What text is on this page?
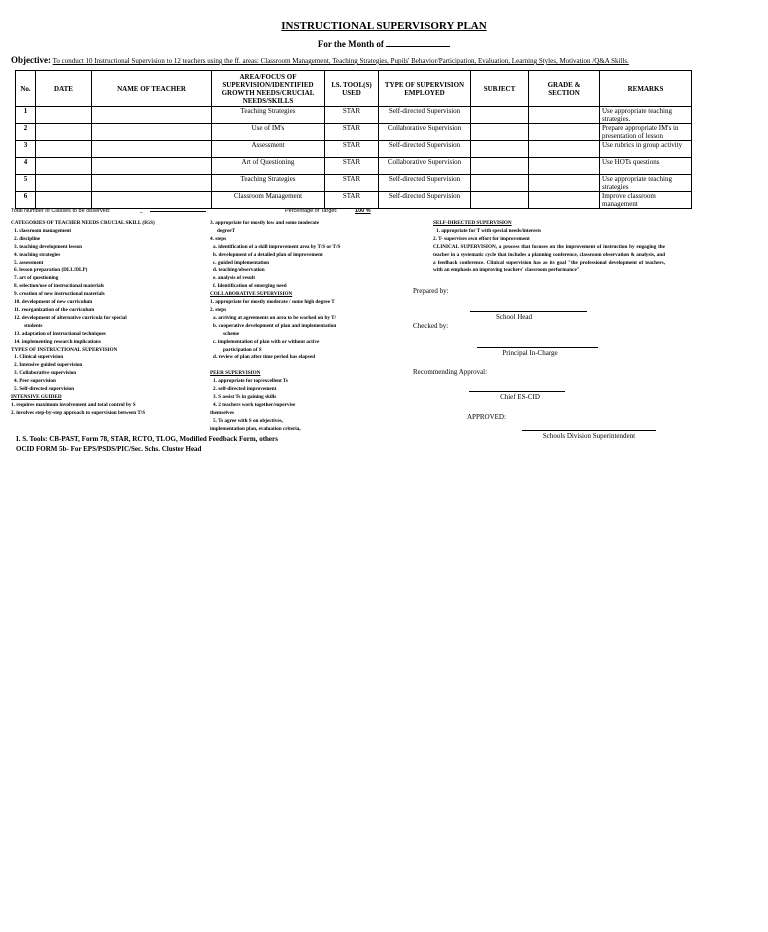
INSTRUCTIONAL SUPERVISORY PLAN
For the Month of
Objective: To conduct 10 Instructional Supervision to 12 teachers using the ff. areas: Classroom Management, Teaching Strategies, Pupils' Behavior/Participation, Evaluation, Learning Styles, Motivation /Q&A Skills.
No.	DATE	NAME OF TEACHER	AREA/FOCUS OF SUPERVISION/IDENTIFIED GROWTH NEEDS/CRUCIAL NEEDS/SKILLS	I.S. TOOL(S) USED	TYPE OF SUPERVISION EMPLOYED	SUBJECT	GRADE & SECTION	REMARKS
1			Teaching Strategies	STAR	Self-directed Supervision			Use appropriate teaching strategies.
2			Use of IM's	STAR	Collaborative Supervision			Prepare appropriate IM's in presentation of lesson
3			Assessment	STAR	Self-directed Supervision			Use rubrics in group activity
4			Art of Questioning	STAR	Collaborative Supervision			Use HOTs questions
5			Teaching Strategies	STAR	Self-directed Supervision			Use appropriate teaching strategies
6			Classroom Management	STAR	Self-directed Supervision			Improve classroom management
Total Number of Classes to be observed:	_	Percentage of Target:	100 %
CATEGORIES OF TEACHER NEEDS CRUCIAL SKILL (IGS)
1. classroom management
2. discipline
3. teaching development lesson
4. teaching strategies
5. assessment
6. lesson preparation (DLL/DLP)
7. art of questioning
8. selection/use of instructional materials
9. creation of new instructional materials
10. development of new curriculum
11. reorganization of the curriculum
12. development of alternative curricula for special
students
13. adaptation of instructional techniques
14. implementing research implications
TYPES OF INSTRUCTIONAL SUPERVISION
1. Clinical supervision
2. Intensive guided supervision
3. Collaborative supervision
4. Peer supervision
5. Self-directed supervision
INTENSIVE GUIDED
1. requires maximum involvement and total control by S
2. involves step-by-step approach to supervision between T/S
3. appropriate for mostly low and some moderate
degreeT
4. steps
a. identification of a skill improvement area by T/S or T/S
b. development of a detailed plan of improvement
c. guided implementation
d. teaching/observation
e. analysis of result
f. Identification of emerging need
COLLABORATIVE SUPERVISION
1. appropriate for mostly moderate / some high degree T
2. steps
a. arriving at agreements on area to be worked on by T/
b. cooperative development of plan and implementation
scheme
c. implementation of plan with or without active
participation of S
d. review of plan after time period has elapsed
PEER SUPERVISION
1. appropriate for top/excellent Ts
2. self-directed improvement
3. S assist Ts in gaining skills
4. 2 teachers work together/supervise
themselves
5. Ts agree with S on objectives,
implementation plan, evaluation criteria,
SELF-DIRECTED SUPERVISION
1. appropriate for T with special needs/interests
2. T- supervises own effort for improvement
CLINICAL SUPERVISION, a process that focuses on the improvement of instruction by engaging the teacher in a systematic cycle that includes a planning conference, classroom observation & analysis, and a feedback conference. Clinical supervision has as its goal "the professional development of teachers, with an emphasis on improving teachers' classroom performance"
Prepared by:
School Head
Checked by:
Principal In-Charge
Recommending Approval:
Chief ES-CID
APPROVED:
Schools Division Superintendent
I. S. Tools: CB-PAST, Form 78, STAR, RCTO, TLOG, Modified Feedback Form, others
OCID FORM 5b- For EPS/PSDS/PIC/Sec. Schs. Cluster Head
